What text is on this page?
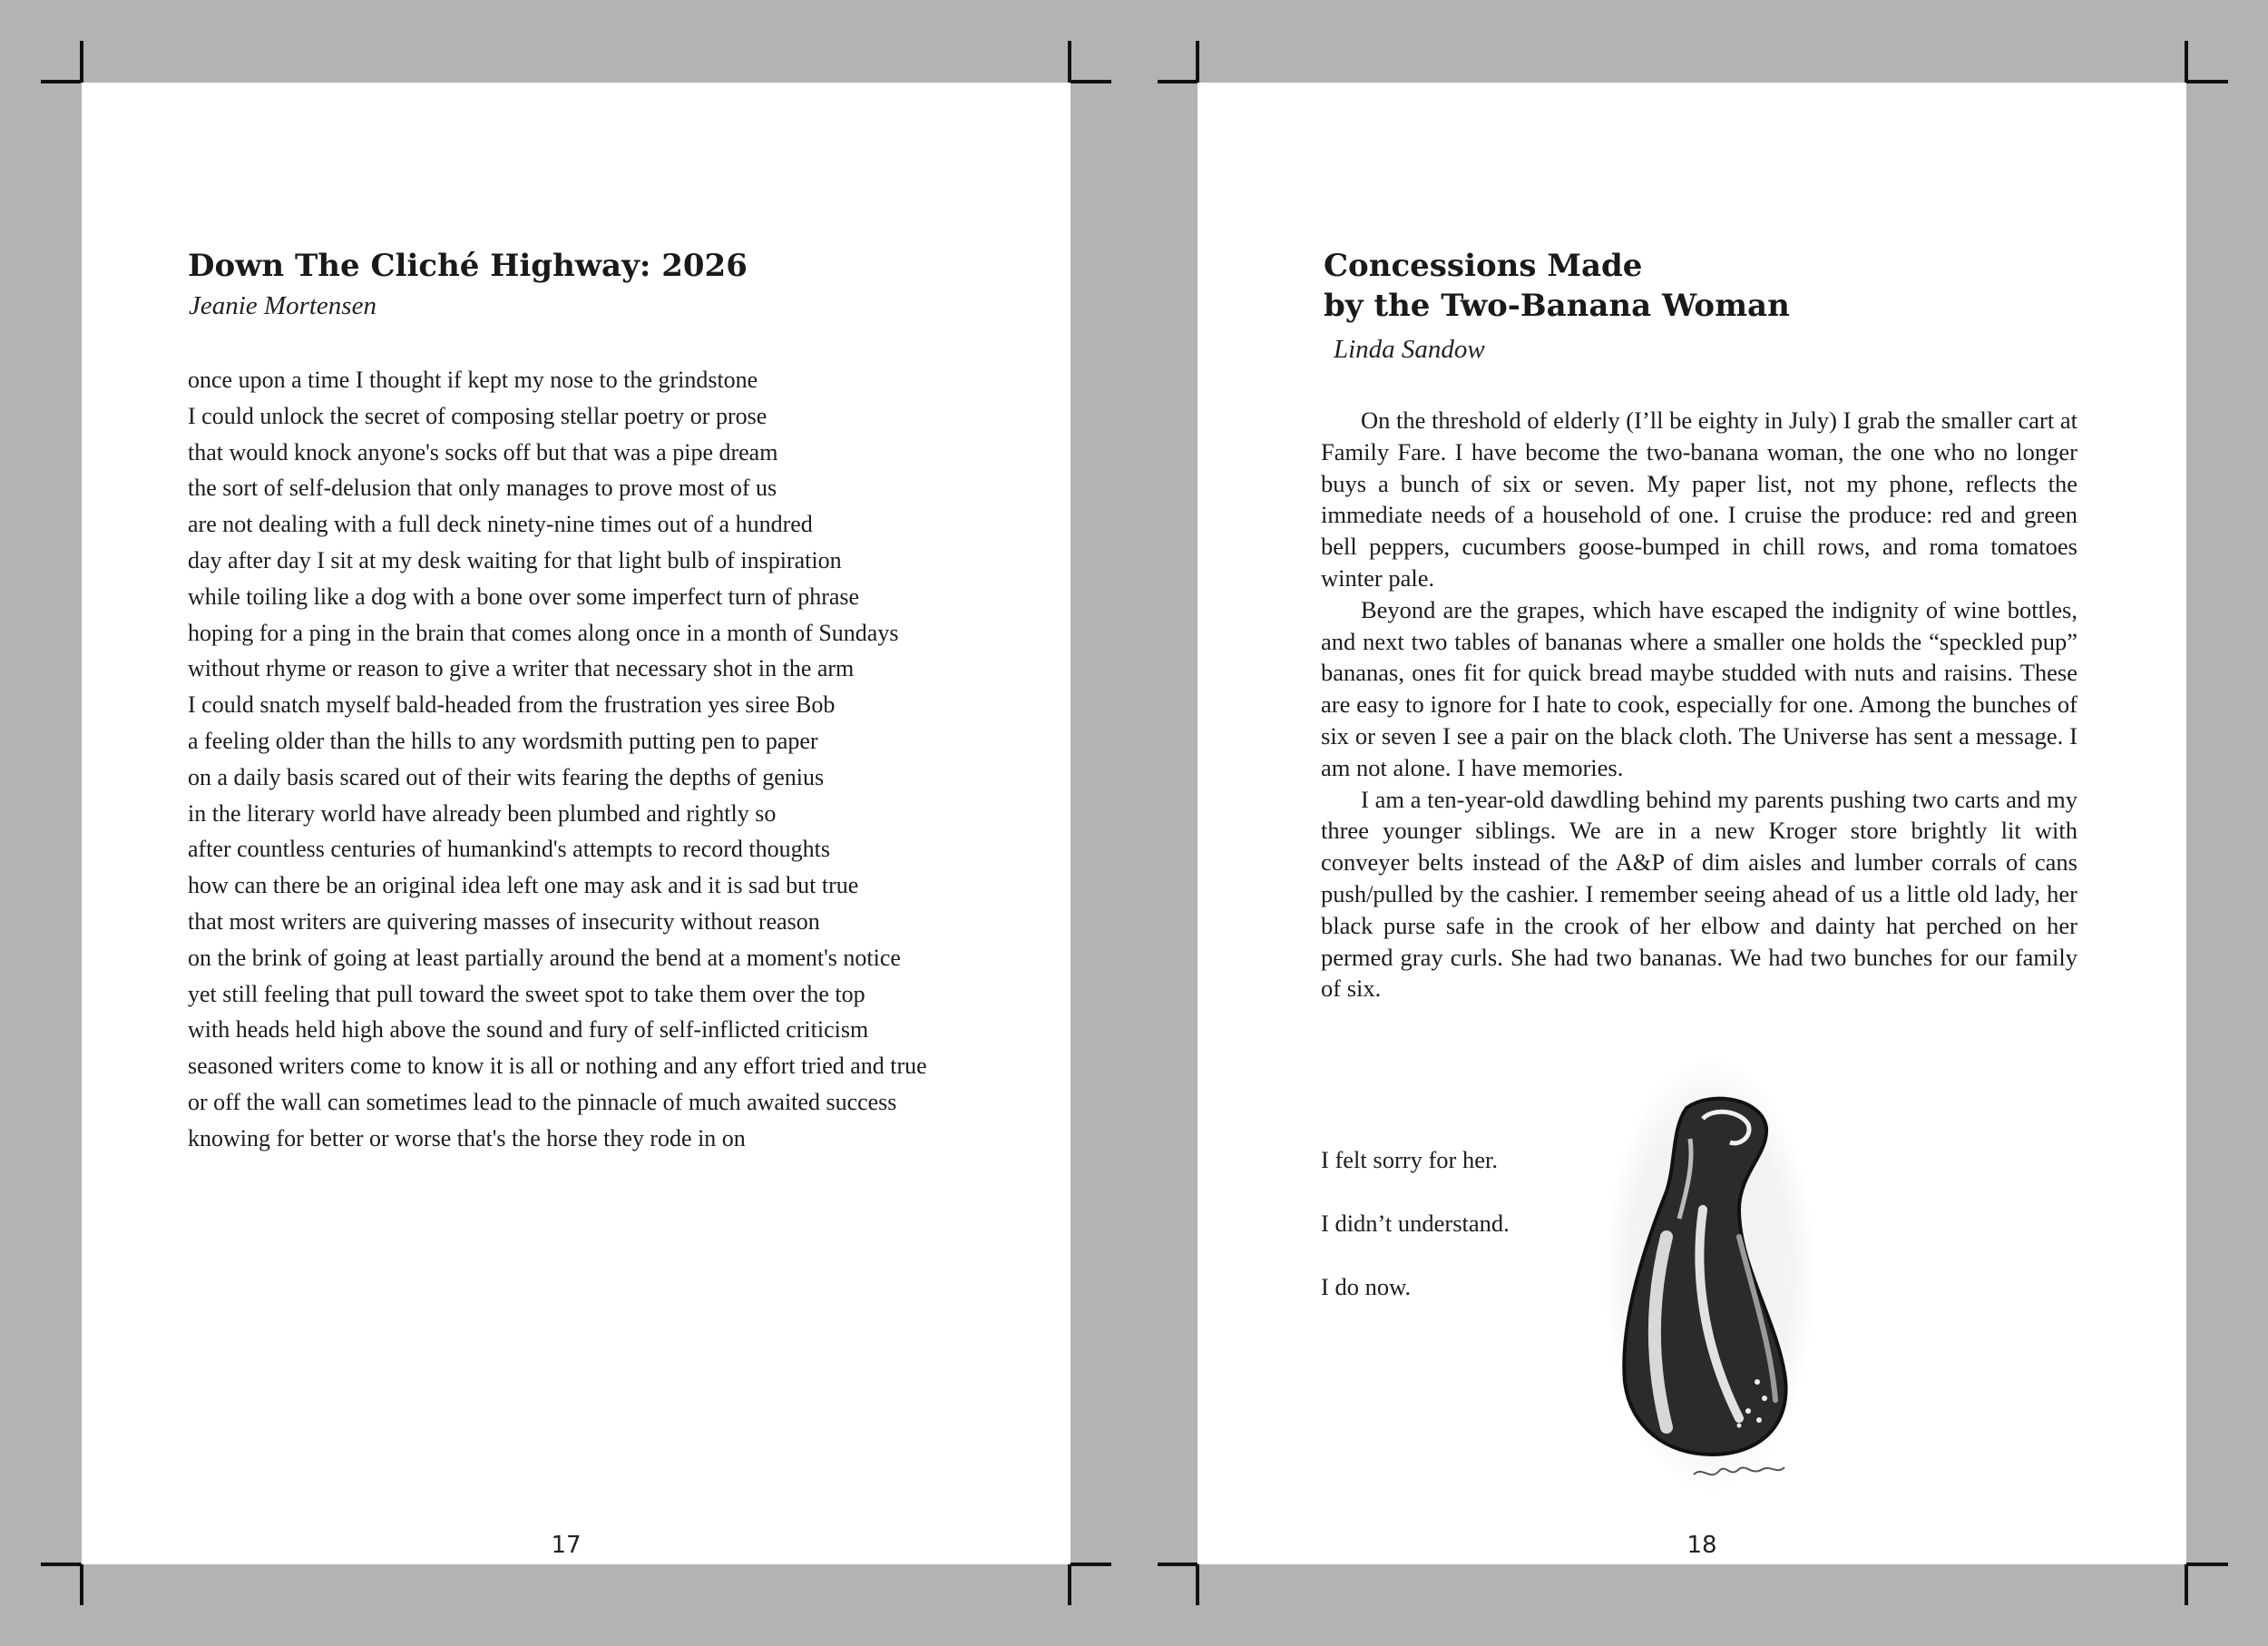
Down The Cliché Highway: 2026
Jeanie Mortensen
once upon a time I thought if kept my nose to the grindstone
I could unlock the secret of composing stellar poetry or prose
that would knock anyone's socks off but that was a pipe dream
the sort of self-delusion that only manages to prove most of us
are not dealing with a full deck ninety-nine times out of a hundred
day after day I sit at my desk waiting for that light bulb of inspiration
while toiling like a dog with a bone over some imperfect turn of phrase
hoping for a ping in the brain that comes along once in a month of Sundays
without rhyme or reason to give a writer that necessary shot in the arm
I could snatch myself bald-headed from the frustration yes siree Bob
a feeling older than the hills to any wordsmith putting pen to paper
on a daily basis scared out of their wits fearing the depths of genius
in the literary world have already been plumbed and rightly so
after countless centuries of humankind's attempts to record thoughts
how can there be an original idea left one may ask and it is sad but true
that most writers are quivering masses of insecurity without reason
on the brink of going at least partially around the bend at a moment's notice
yet still feeling that pull toward the sweet spot to take them over the top
with heads held high above the sound and fury of self-inflicted criticism
seasoned writers come to know it is all or nothing and any effort tried and true
or off the wall can sometimes lead to the pinnacle of much awaited success
knowing for better or worse that's the horse they rode in on
17
Concessions Made
by the Two-Banana Woman
Linda Sandow

On the threshold of elderly (I’ll be eighty in July) I grab the smaller cart at Family Fare. I have become the two-banana woman, the one who no longer buys a bunch of six or seven. My paper list, not my phone, reflects the immediate needs of a household of one. I cruise the produce: red and green bell peppers, cucumbers goose-bumped in chill rows, and roma tomatoes winter pale.

Beyond are the grapes, which have escaped the indignity of wine bottles, and next two tables of bananas where a smaller one holds the “speckled pup” bananas, ones fit for quick bread maybe studded with nuts and raisins. These are easy to ignore for I hate to cook, especially for one. Among the bunches of six or seven I see a pair on the black cloth. The Universe has sent a message. I am not alone. I have memories.

I am a ten-year-old dawdling behind my parents pushing two carts and my three younger siblings. We are in a new Kroger store brightly lit with conveyer belts instead of the A&P of dim aisles and lumber corrals of cans push/pulled by the cashier. I remember seeing ahead of us a little old lady, her black purse safe in the crook of her elbow and dainty hat perched on her permed gray curls. She had two bananas. We had two bunches for our family of six.

I felt sorry for her.

I didn’t understand.

I do now.

18
